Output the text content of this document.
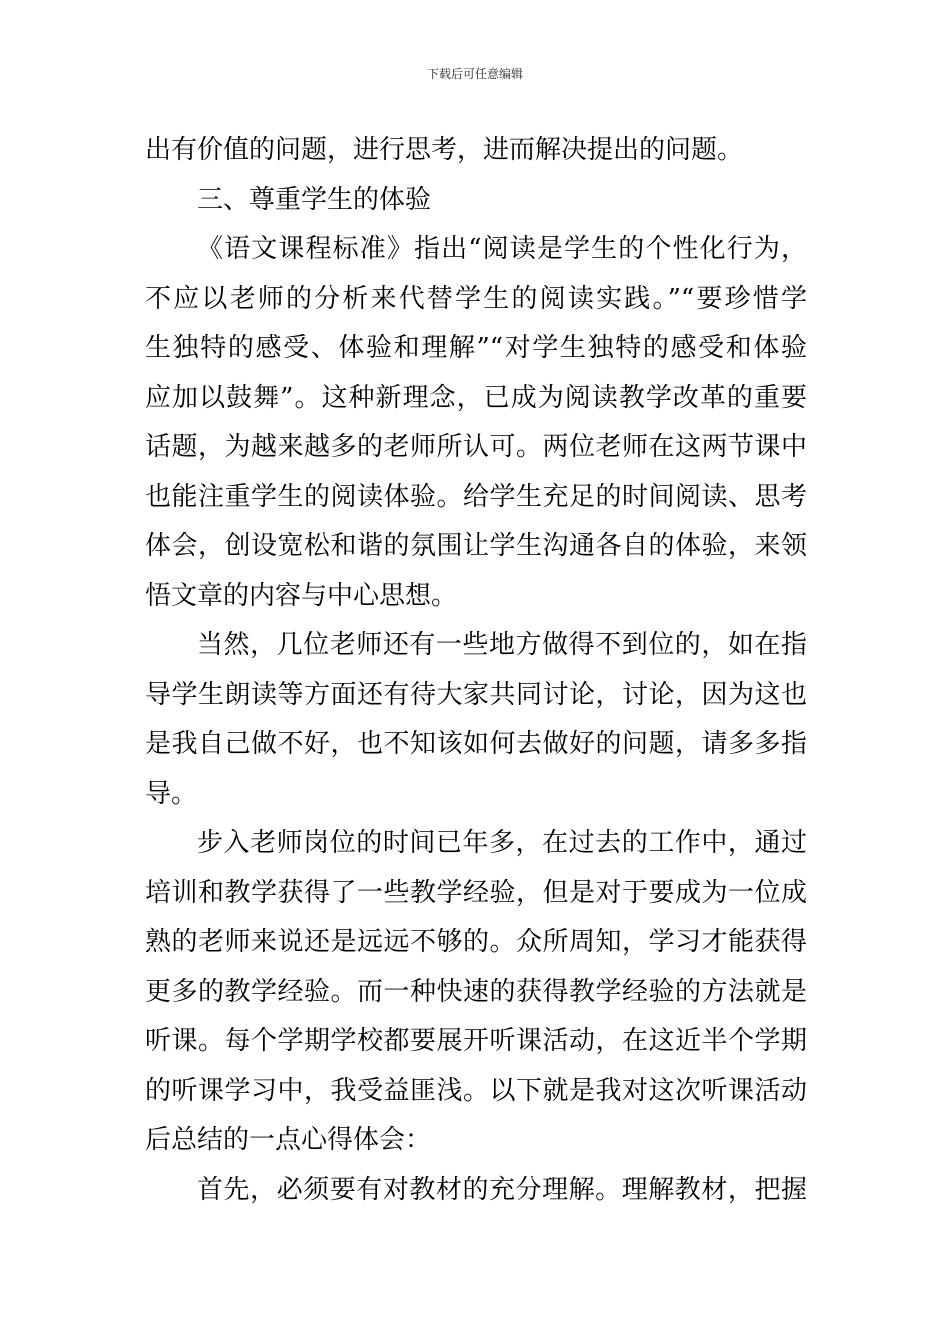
下载后可任意编辑
出有价值的问题，进行思考，进而解决提出的问题。
三、尊重学生的体验
《语文课程标准》指出“阅读是学生的个性化行为，
不应以老师的分析来代替学生的阅读实践。”“要珍惜学
生独特的感受、体验和理解”“对学生独特的感受和体验
应加以鼓舞”。这种新理念，已成为阅读教学改革的重要
话题，为越来越多的老师所认可。两位老师在这两节课中
也能注重学生的阅读体验。给学生充足的时间阅读、思考
体会，创设宽松和谐的氛围让学生沟通各自的体验，来领
悟文章的内容与中心思想。
当然，几位老师还有一些地方做得不到位的，如在指
导学生朗读等方面还有待大家共同讨论，讨论，因为这也
是我自己做不好，也不知该如何去做好的问题，请多多指
导。
步入老师岗位的时间已年多，在过去的工作中，通过
培训和教学获得了一些教学经验，但是对于要成为一位成
熟的老师来说还是远远不够的。众所周知，学习才能获得
更多的教学经验。而一种快速的获得教学经验的方法就是
听课。每个学期学校都要展开听课活动，在这近半个学期
的听课学习中，我受益匪浅。以下就是我对这次听课活动
后总结的一点心得体会：
首先，必须要有对教材的充分理解。理解教材，把握
